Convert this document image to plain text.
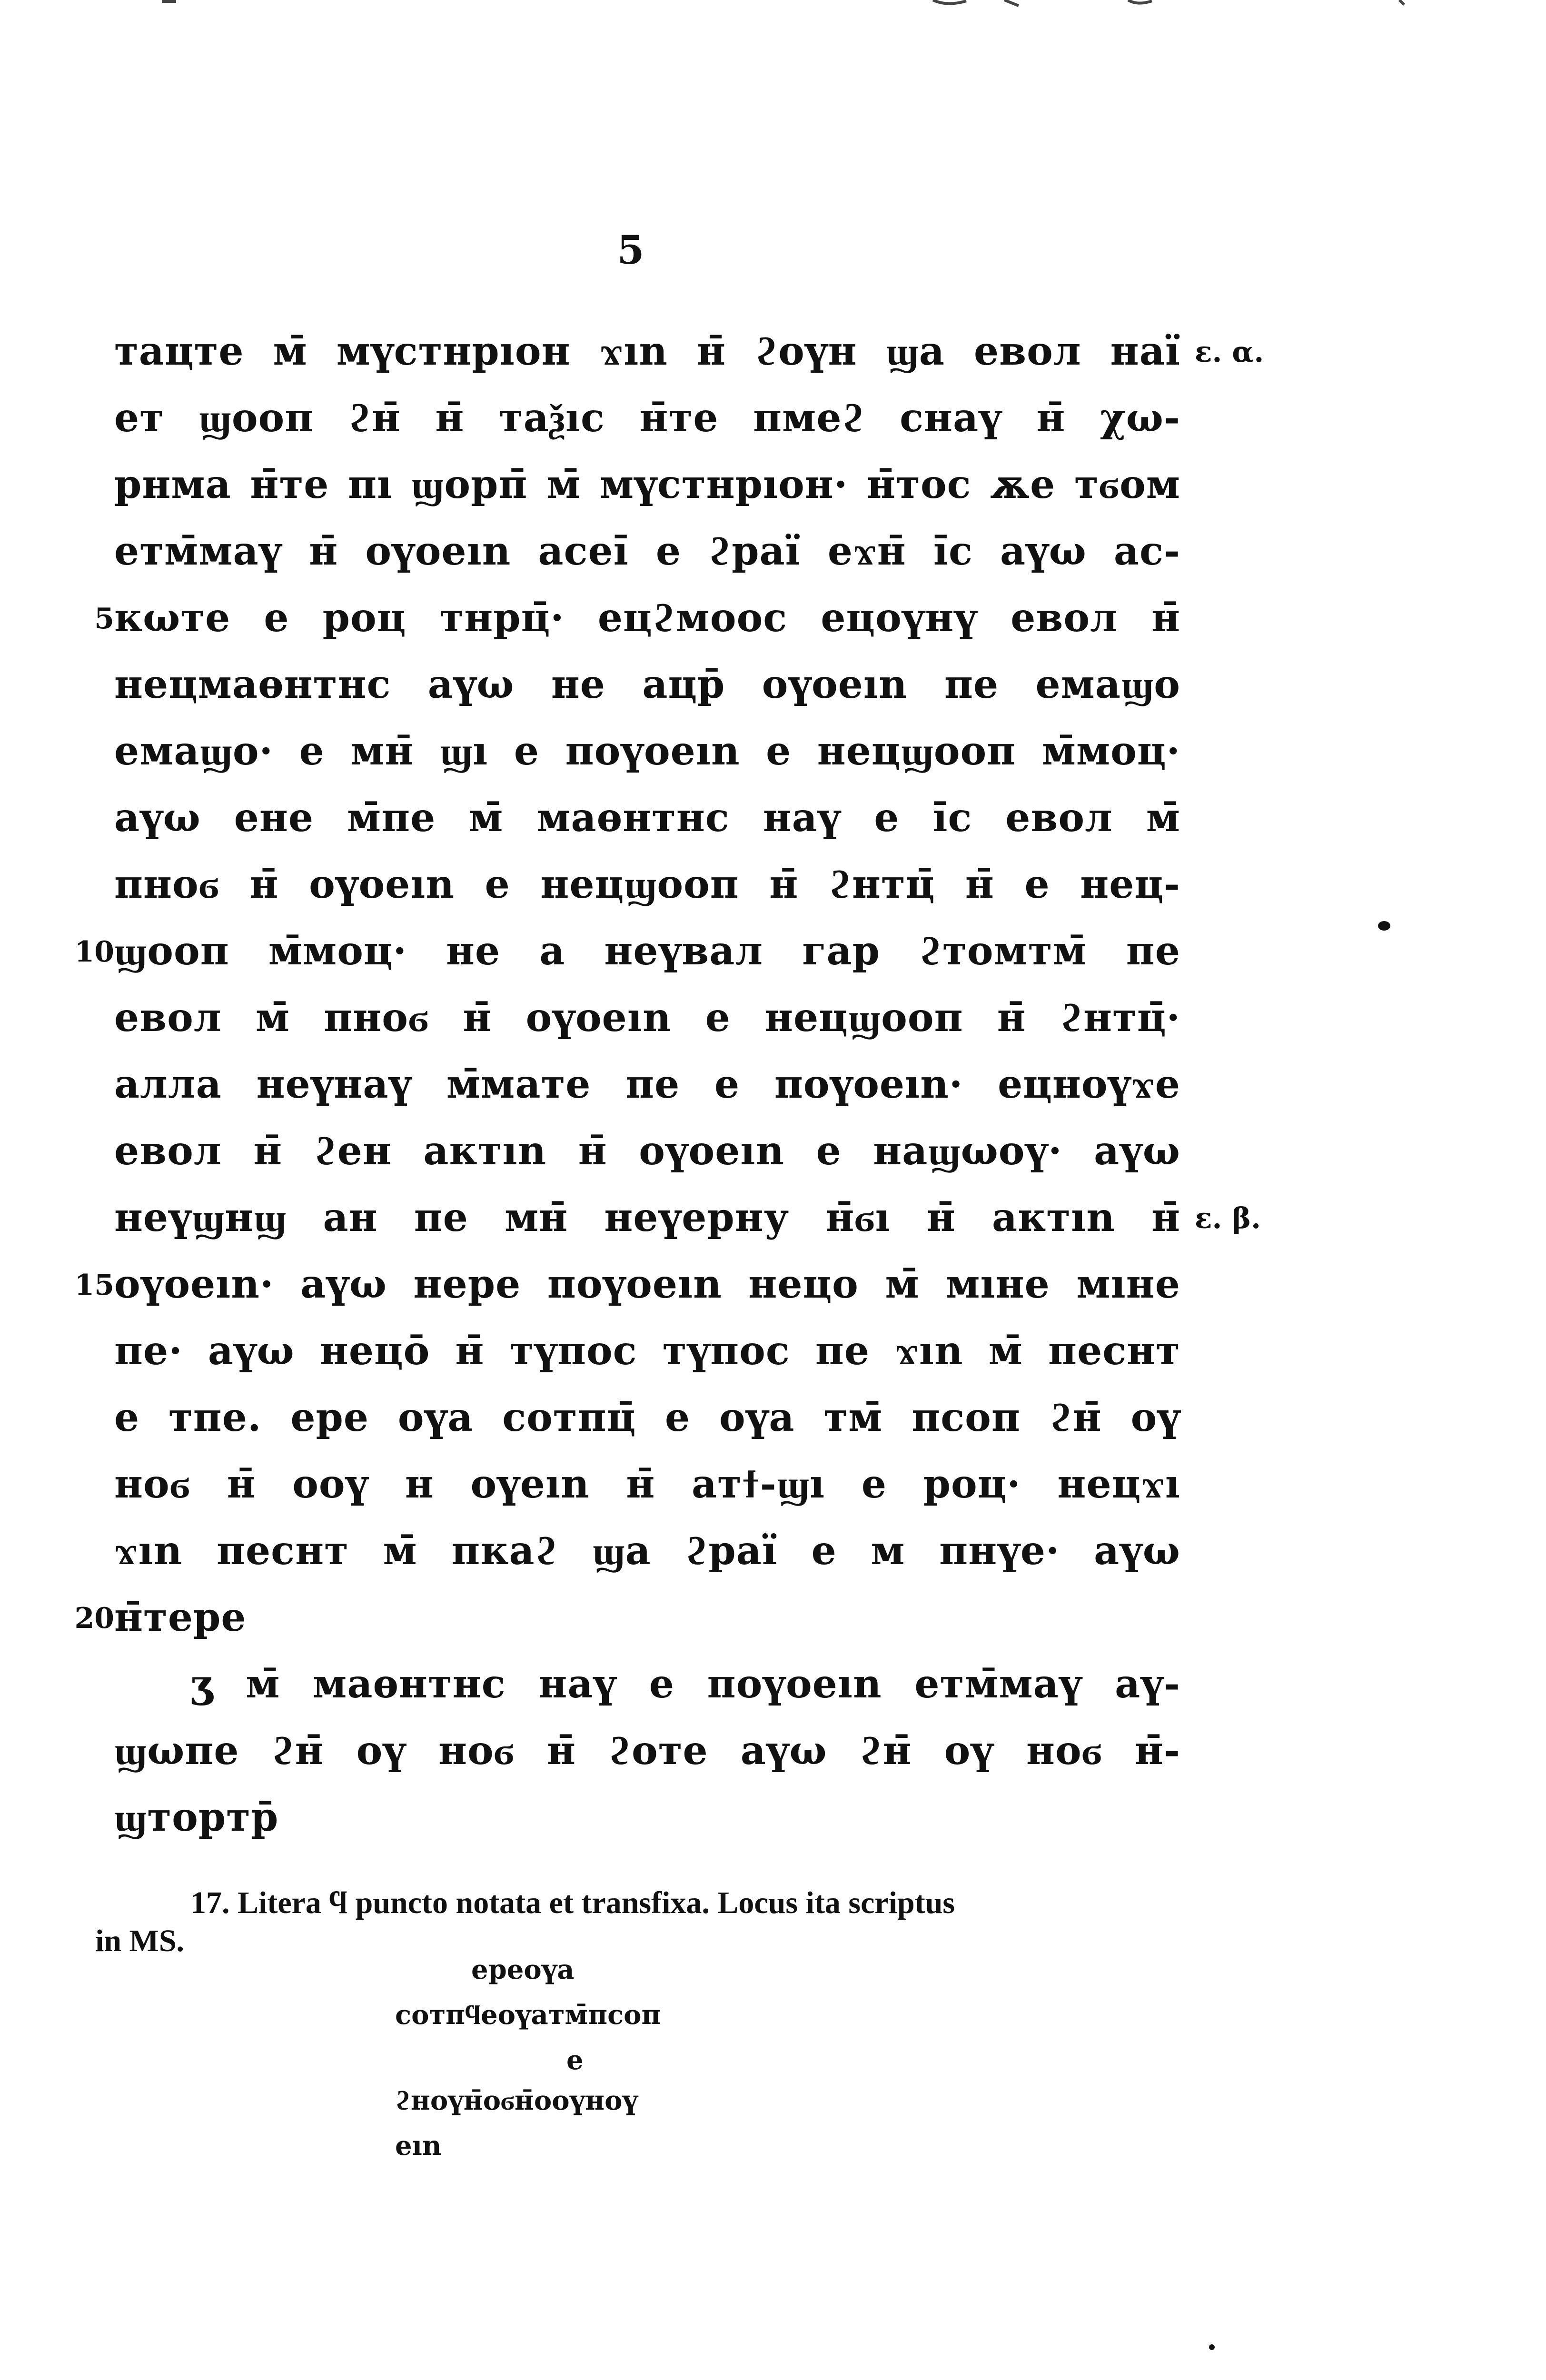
5
тацте м̄ мүстнрıон ϫın н̄ ϩоүн ϣа евол наї
ет ϣооп ϩн̄ н̄ таѯıс н̄те пмеϩ снаү н̄ χω-
рнма н̄те пı ϣорп̄ м̄ мүстнрıон· н̄тос ѫе тϭом
етм̄маү н̄ оүоеın асеı̄ е ϩраї еϫн̄ ı̄с аүω ас-
кωте е роц тнрц̄· ецϩмоос ецоүнү евол н̄
нецмаѳнтнс аүω не ацр̄ оүоеın пе емаϣо
емаϣо· е мн̄ ϣı е поүоеın е нецϣооп м̄моц·
аүω ене м̄пе м̄ маѳнтнс наү е ı̄с евол м̄
пноϭ н̄ оүоеın е нецϣооп н̄ ϩнтц̄ н̄ е нец-
ϣооп м̄моц· не а неүвал гар ϩтомтм̄ пе
евол м̄ пноϭ н̄ оүоеın е нецϣооп н̄ ϩнтц̄·
алла неүнаү м̄мате пе е поүоеın· ецноүϫе
евол н̄ ϩен актın н̄ оүоеın е наϣωоү· аүω
неүϣнϣ ан пе мн̄ неүерну н̄ϭı н̄ актın н̄
оүоеın· аүω нере поүоеın нецо м̄ мıне мıне
пе· аүω нецо̄ н̄ түпос түпос пе ϫın м̄ песнт
е тпе. ере оүа сотпц̄ е оүа тм̄ псоп ϩн̄ оү
ноϭ н̄ ооү н оүеın н̄ атϯ-ϣı е роц· нецϫı
ϫın песнт м̄ пкаϩ ϣа ϩраї е м пнүе· аүω
н̄тере
5
10
15
20
ε. α.
ε. β.
ӡ м̄ маѳнтнс наү е поүоеın етм̄маү аү-
ϣωпе ϩн̄ оү ноϭ н̄ ϩоте аүω ϩн̄ оү ноϭ н̄-
ϣтортр̄
17. Litera ϥ puncto notata et transfixa. Locus ita scriptus
in MS.
ереоүа
сотпϥеоүатм̄псоп
е
ϩноүн̄оϭн̄ооүноү
еın
